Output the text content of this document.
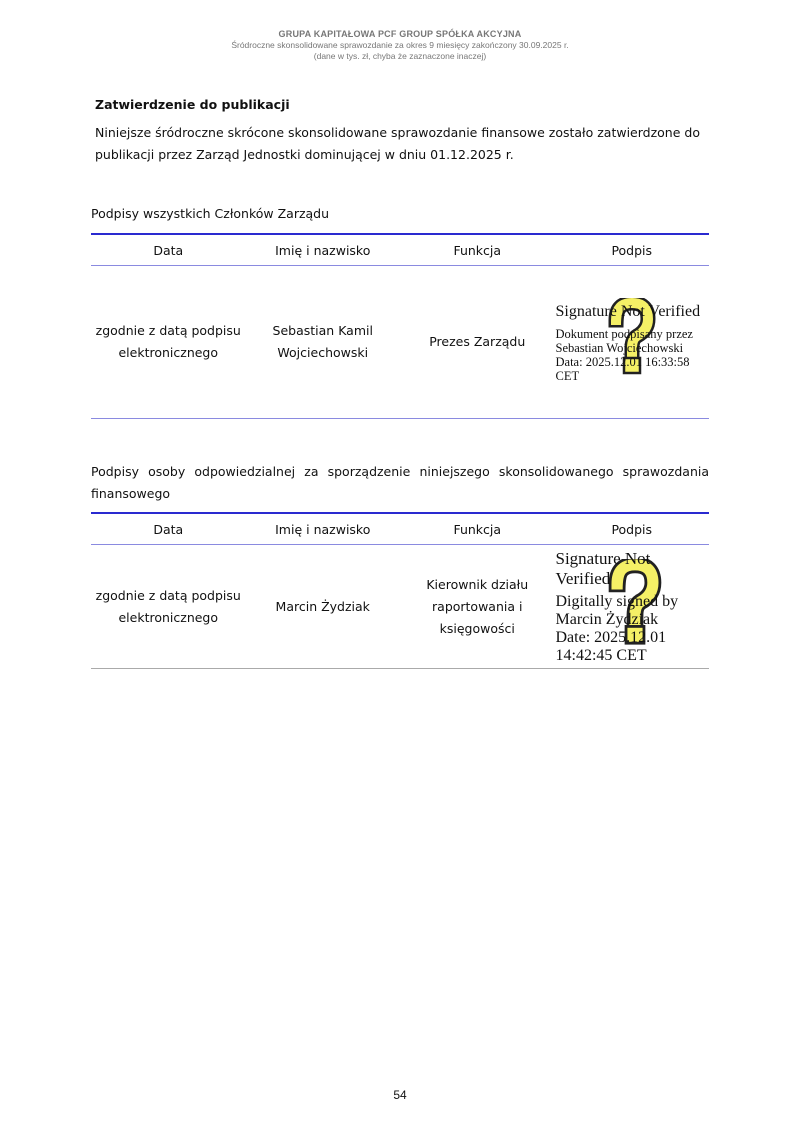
GRUPA KAPITAŁOWA PCF GROUP SPÓŁKA AKCYJNA
Śródroczne skonsolidowane sprawozdanie za okres 9 miesięcy zakończony 30.09.2025 r.
(dane w tys. zł, chyba że zaznaczone inaczej)
Zatwierdzenie do publikacji
Niniejsze śródroczne skrócone skonsolidowane sprawozdanie finansowe zostało zatwierdzone do publikacji przez Zarząd Jednostki dominującej w dniu 01.12.2025 r.
Podpisy wszystkich Członków Zarządu
Data	Imię i nazwisko	Funkcja	Podpis
zgodnie z datą podpisu elektronicznego	Sebastian Kamil Wojciechowski	Prezes Zarządu	Signature Not Verified
Dokument podpisany przez
Sebastian Wojciechowski
Data: 2025.12.01 16:33:58
CET
Podpisy osoby odpowiedzialnej za sporządzenie niniejszego skonsolidowanego sprawozdania finansowego
Data	Imię i nazwisko	Funkcja	Podpis
zgodnie z datą podpisu elektronicznego	Marcin Żydziak	Kierownik działu raportowania i księgowości	Signature Not Verified
Digitally signed by
Marcin Żydziak
Date: 2025.12.01
14:42:45 CET
54
